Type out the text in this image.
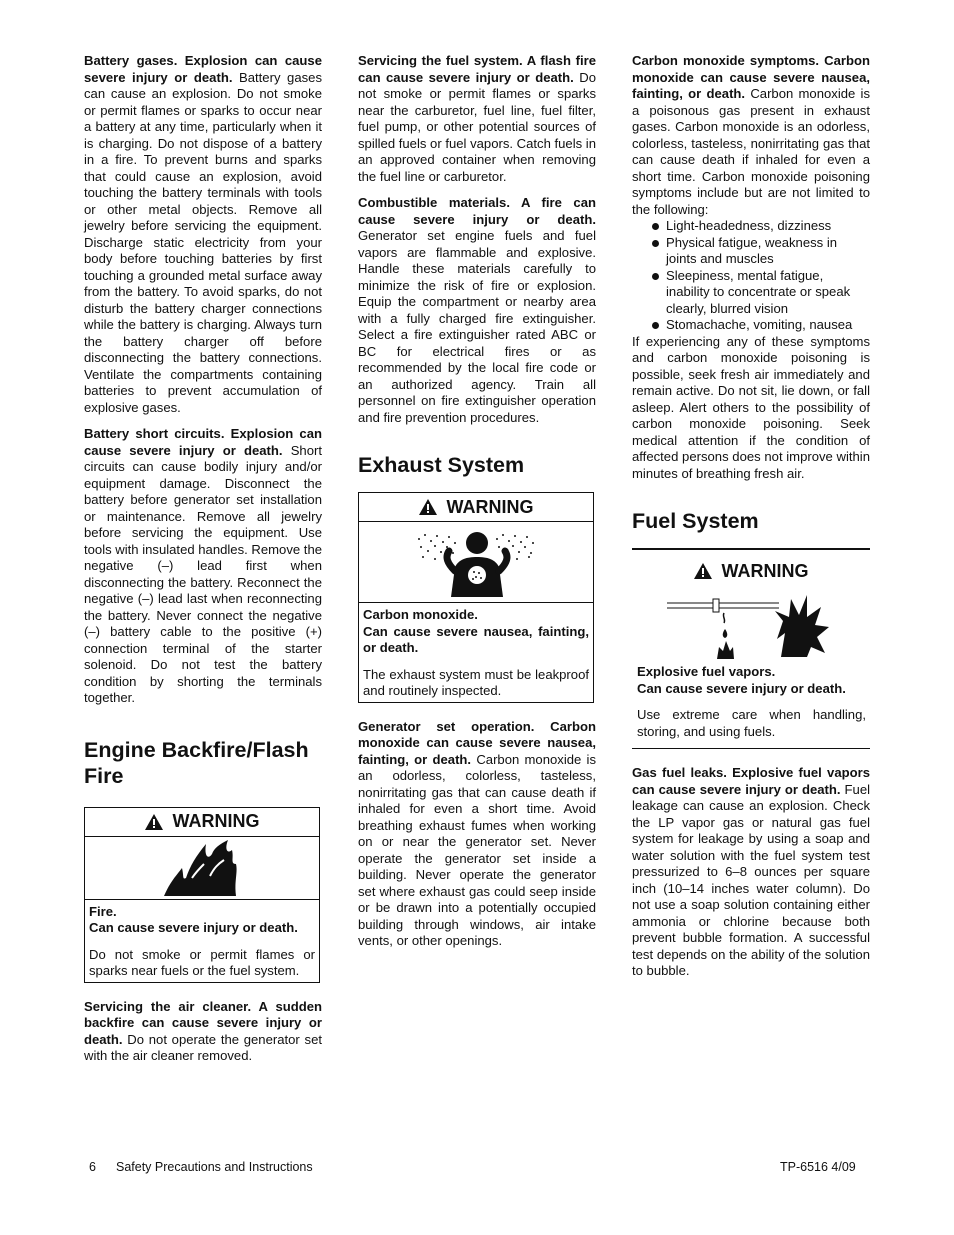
Battery gases. Explosion can cause severe injury or death. Battery gases can cause an explosion. Do not smoke or permit flames or sparks to occur near a battery at any time, particularly when it is charging. Do not dispose of a battery in a fire. To prevent burns and sparks that could cause an explosion, avoid touching the battery terminals with tools or other metal objects. Remove all jewelry before servicing the equipment. Discharge static electricity from your body before touching batteries by first touching a grounded metal surface away from the battery. To avoid sparks, do not disturb the battery charger connections while the battery is charging. Always turn the battery charger off before disconnecting the battery connections. Ventilate the compartments containing batteries to prevent accumulation of explosive gases.

Battery short circuits. Explosion can cause severe injury or death. Short circuits can cause bodily injury and/or equipment damage. Disconnect the battery before generator set installation or maintenance. Remove all jewelry before servicing the equipment. Use tools with insulated handles. Remove the negative (–) lead first when disconnecting the battery. Reconnect the negative (–) lead last when reconnecting the battery. Never connect the negative (–) battery cable to the positive (+) connection terminal of the starter solenoid. Do not test the battery condition by shorting the terminals together.

Engine Backfire/Flash Fire
WARNING

Fire.

Can cause severe injury or death.

Do not smoke or permit flames or sparks near fuels or the fuel system.

Servicing the air cleaner. A sudden backfire can cause severe injury or death. Do not operate the generator set with the air cleaner removed.

Servicing the fuel system. A flash fire can cause severe injury or death. Do not smoke or permit flames or sparks near the carburetor, fuel line, fuel filter, fuel pump, or other potential sources of spilled fuels or fuel vapors. Catch fuels in an approved container when removing the fuel line or carburetor.

Combustible materials. A fire can cause severe injury or death. Generator set engine fuels and fuel vapors are flammable and explosive. Handle these materials carefully to minimize the risk of fire or explosion. Equip the compartment or nearby area with a fully charged fire extinguisher. Select a fire extinguisher rated ABC or BC for electrical fires or as recommended by the local fire code or an authorized agency. Train all personnel on fire extinguisher operation and fire prevention procedures.

Exhaust System
WARNING

Carbon monoxide.

Can cause severe nausea, fainting, or death.

The exhaust system must be leakproof and routinely inspected.

Generator set operation. Carbon monoxide can cause severe nausea, fainting, or death. Carbon monoxide is an odorless, colorless, tasteless, nonirritating gas that can cause death if inhaled for even a short time. Avoid breathing exhaust fumes when working on or near the generator set. Never operate the generator set inside a building. Never operate the generator set where exhaust gas could seep inside or be drawn into a potentially occupied building through windows, air intake vents, or other openings.

Carbon monoxide symptoms. Carbon monoxide can cause severe nausea, fainting, or death. Carbon monoxide is a poisonous gas present in exhaust gases. Carbon monoxide is an odorless, colorless, tasteless, nonirritating gas that can cause death if inhaled for even a short time. Carbon monoxide poisoning symptoms include but are not limited to the following:

Light-headedness, dizziness
Physical fatigue, weakness in joints and muscles
Sleepiness, mental fatigue, inability to concentrate or speak clearly, blurred vision
Stomachache, vomiting, nausea

If experiencing any of these symptoms and carbon monoxide poisoning is possible, seek fresh air immediately and remain active. Do not sit, lie down, or fall asleep. Alert others to the possibility of carbon monoxide poisoning. Seek medical attention if the condition of affected persons does not improve within minutes of breathing fresh air.

Fuel System
WARNING

Explosive fuel vapors.

Can cause severe injury or death.

Use extreme care when handling, storing, and using fuels.

Gas fuel leaks. Explosive fuel vapors can cause severe injury or death. Fuel leakage can cause an explosion. Check the LP vapor gas or natural gas fuel system for leakage by using a soap and water solution with the fuel system test pressurized to 6–8 ounces per square inch (10–14 inches water column). Do not use a soap solution containing either ammonia or chlorine because both prevent bubble formation. A successful test depends on the ability of the solution to bubble.

6 Safety Precautions and Instructions	TP-6516 4/09
